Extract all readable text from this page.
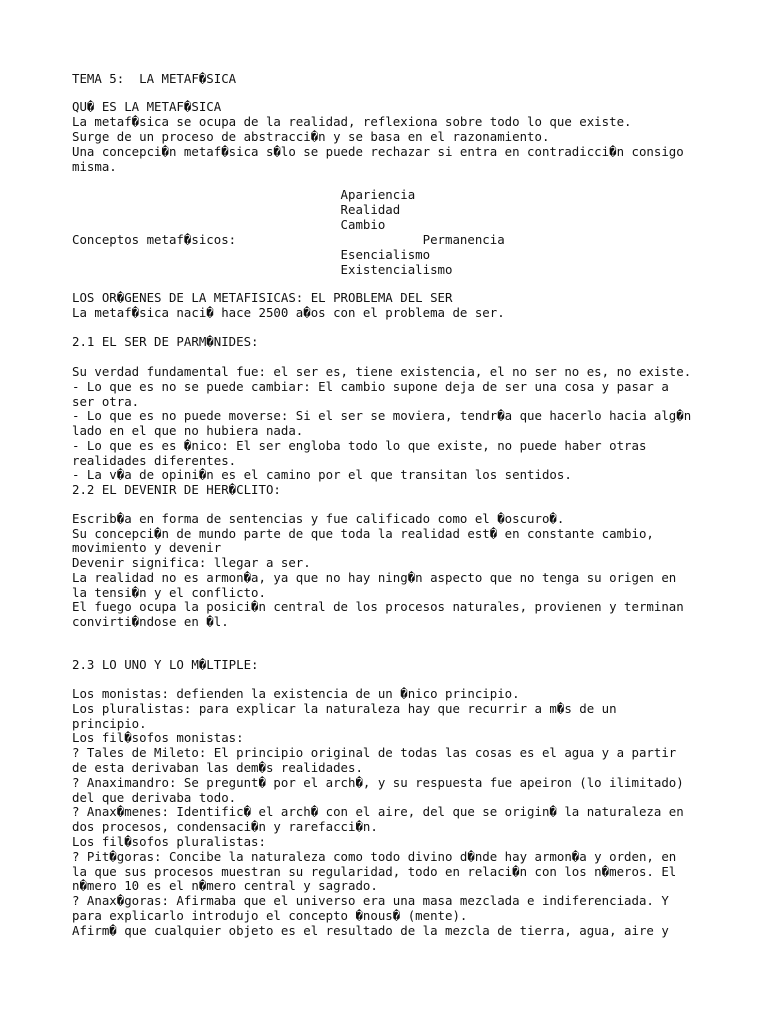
TEMA 5:  LA METAF�SICA
QU� ES LA METAF�SICA
La metaf�sica se ocupa de la realidad, reflexiona sobre todo lo que existe.
Surge de un proceso de abstracci�n y se basa en el razonamiento.
Una concepci�n metaf�sica s�lo se puede rechazar si entra en contradicci�n consigo
misma.
Apariencia
Realidad
Cambio
Conceptos metaf�sicos:                         Permanencia
Esencialismo
Existencialismo
LOS OR�GENES DE LA METAFISICAS: EL PROBLEMA DEL SER
La metaf�sica naci� hace 2500 a�os con el problema de ser.
2.1 EL SER DE PARM�NIDES:
Su verdad fundamental fue: el ser es, tiene existencia, el no ser no es, no existe.
- Lo que es no se puede cambiar: El cambio supone deja de ser una cosa y pasar a
ser otra.
- Lo que es no puede moverse: Si el ser se moviera, tendr�a que hacerlo hacia alg�n
lado en el que no hubiera nada.
- Lo que es es �nico: El ser engloba todo lo que existe, no puede haber otras
realidades diferentes.
- La v�a de opini�n es el camino por el que transitan los sentidos.
2.2 EL DEVENIR DE HER�CLITO:
Escrib�a en forma de sentencias y fue calificado como el �oscuro�.
Su concepci�n de mundo parte de que toda la realidad est� en constante cambio,
movimiento y devenir
Devenir significa: llegar a ser.
La realidad no es armon�a, ya que no hay ning�n aspecto que no tenga su origen en
la tensi�n y el conflicto.
El fuego ocupa la posici�n central de los procesos naturales, provienen y terminan
convirti�ndose en �l.
2.3 LO UNO Y LO M�LTIPLE:
Los monistas: defienden la existencia de un �nico principio.
Los pluralistas: para explicar la naturaleza hay que recurrir a m�s de un
principio.
Los fil�sofos monistas:
? Tales de Mileto: El principio original de todas las cosas es el agua y a partir
de esta derivaban las dem�s realidades.
? Anaximandro: Se pregunt� por el arch�, y su respuesta fue apeiron (lo ilimitado)
del que derivaba todo.
? Anax�menes: Identific� el arch� con el aire, del que se origin� la naturaleza en
dos procesos, condensaci�n y rarefacci�n.
Los fil�sofos pluralistas:
? Pit�goras: Concibe la naturaleza como todo divino d�nde hay armon�a y orden, en
la que sus procesos muestran su regularidad, todo en relaci�n con los n�meros. El
n�mero 10 es el n�mero central y sagrado.
? Anax�goras: Afirmaba que el universo era una masa mezclada e indiferenciada. Y
para explicarlo introdujo el concepto �nous� (mente).
Afirm� que cualquier objeto es el resultado de la mezcla de tierra, agua, aire y
